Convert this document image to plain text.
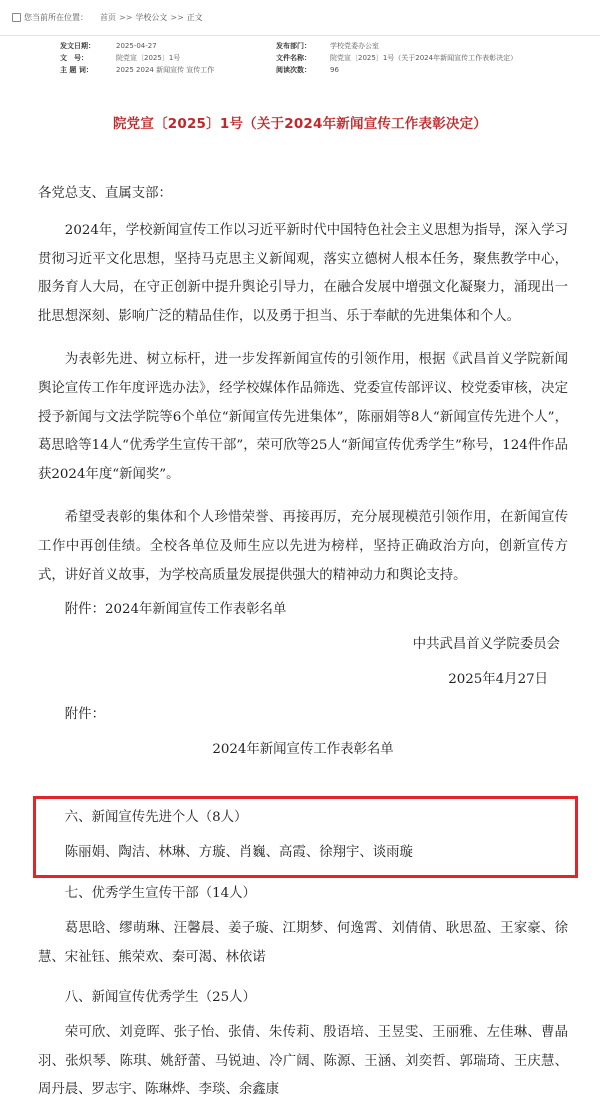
您当前所在位置： 首页 >> 学校公文 >> 正文
发文日期：	2025-04-27	发布部门：	学校党委办公室
文　号：	院党宣〔2025〕1号	文件名称：	院党宣〔2025〕1号（关于2024年新闻宣传工作表彰决定）
主 题 词：	2025 2024 新闻宣传 宣传工作	阅读次数：	96
院党宣〔2025〕1号（关于2024年新闻宣传工作表彰决定）

各党总支、直属支部：

2024年，学校新闻宣传工作以习近平新时代中国特色社会主义思想为指导，深入学习贯彻习近平文化思想，坚持马克思主义新闻观，落实立德树人根本任务，聚焦教学中心，服务育人大局，在守正创新中提升舆论引导力，在融合发展中增强文化凝聚力，涌现出一批思想深刻、影响广泛的精品佳作，以及勇于担当、乐于奉献的先进集体和个人。

为表彰先进、树立标杆，进一步发挥新闻宣传的引领作用，根据《武昌首义学院新闻舆论宣传工作年度评选办法》，经学校媒体作品筛选、党委宣传部评议、校党委审核，决定授予新闻与文法学院等6个单位“新闻宣传先进集体”，陈丽娟等8人“新闻宣传先进个人”，葛思晗等14人“优秀学生宣传干部”，荣可欣等25人“新闻宣传优秀学生”称号，124件作品获2024年度“新闻奖”。

希望受表彰的集体和个人珍惜荣誉、再接再厉，充分展现模范引领作用，在新闻宣传工作中再创佳绩。全校各单位及师生应以先进为榜样，坚持正确政治方向，创新宣传方式，讲好首义故事，为学校高质量发展提供强大的精神动力和舆论支持。

附件：2024年新闻宣传工作表彰名单

中共武昌首义学院委员会

2025年4月27日

附件：

2024年新闻宣传工作表彰名单

六、新闻宣传先进个人（8人）

陈丽娟、陶洁、林琳、方璇、肖巍、高霞、徐翔宇、谈雨璇

七、优秀学生宣传干部（14人）

葛思晗、缪萌琳、汪馨晨、姜子璇、江期梦、何逸霄、刘倩倩、耿思盈、王家豪、徐慧、宋祉钰、熊荣欢、秦可渴、林依诺

八、新闻宣传优秀学生（25人）

荣可欣、刘竟晖、张子怡、张倩、朱传莉、殷语培、王昱雯、王丽雅、左佳琳、曹晶羽、张炽琴、陈琪、姚舒蕾、马锐迪、冷广阔、陈源、王涵、刘奕哲、郭瑞琦、王庆慧、周丹晨、罗志宇、陈琳烨、李琰、余鑫康
